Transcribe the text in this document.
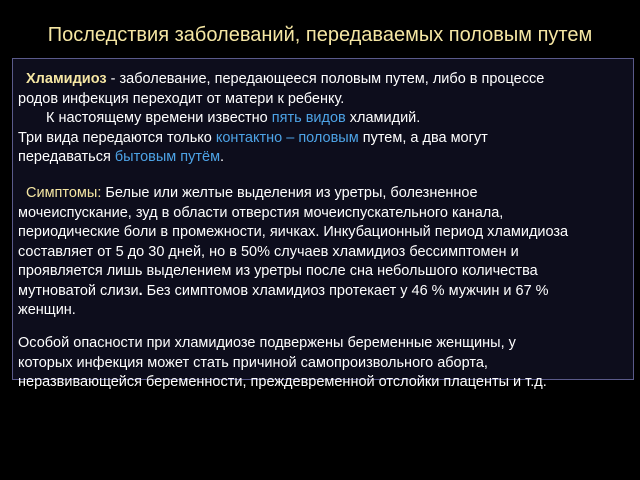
Последствия заболеваний, передаваемых половым путем
Хламидиоз - заболевание, передающееся половым путем, либо в процессе
родов инфекция переходит от матери к ребенку.
К настоящему времени известно пять видов хламидий.
Три вида передаются только контактно – половым путем, а два могут
передаваться бытовым путём.
Симптомы: Белые или желтые выделения из уретры, болезненное
мочеиспускание, зуд в области отверстия мочеиспускательного канала,
периодические боли в промежности, яичках. Инкубационный период хламидиоза
составляет от 5 до 30 дней, но в 50% случаев хламидиоз бессимптомен и
проявляется лишь выделением из уретры после сна небольшого количества
мутноватой слизи. Без симптомов хламидиоз протекает у 46 % мужчин и 67 %
женщин.
Особой опасности при хламидиозе подвержены беременные женщины, у
которых инфекция может стать причиной самопроизвольного аборта,
неразвивающейся беременности, преждевременной отслойки плаценты и т.д.
